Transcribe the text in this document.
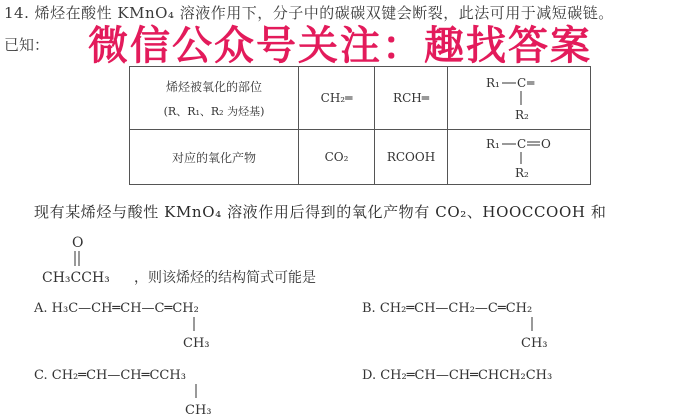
14. 烯烃在酸性 KMnO₄ 溶液作用下，分子中的碳碳双键会断裂，此法可用于减短碳链。
已知： 微信公众号关注：趣找答案
烯烃被氧化的部位
(R、R₁、R₂ 为烃基)	CH₂═	RCH═	R₁ C ═
R₂

对应的氧化产物	CO₂	RCOOH	R₁ C O
R₂
现有某烯烃与酸性 KMnO₄ 溶液作用后得到的氧化产物有 CO₂、HOOCCOOH 和
O
CH₃CCH₃ ，则该烯烃的结构简式可能是
A. H₃C—CH═CH—C═CH₂
CH₃
B. CH₂═CH—CH₂—C═CH₂
CH₃
C. CH₂═CH—CH═CCH₃
CH₃
D. CH₂═CH—CH═CHCH₂CH₃
